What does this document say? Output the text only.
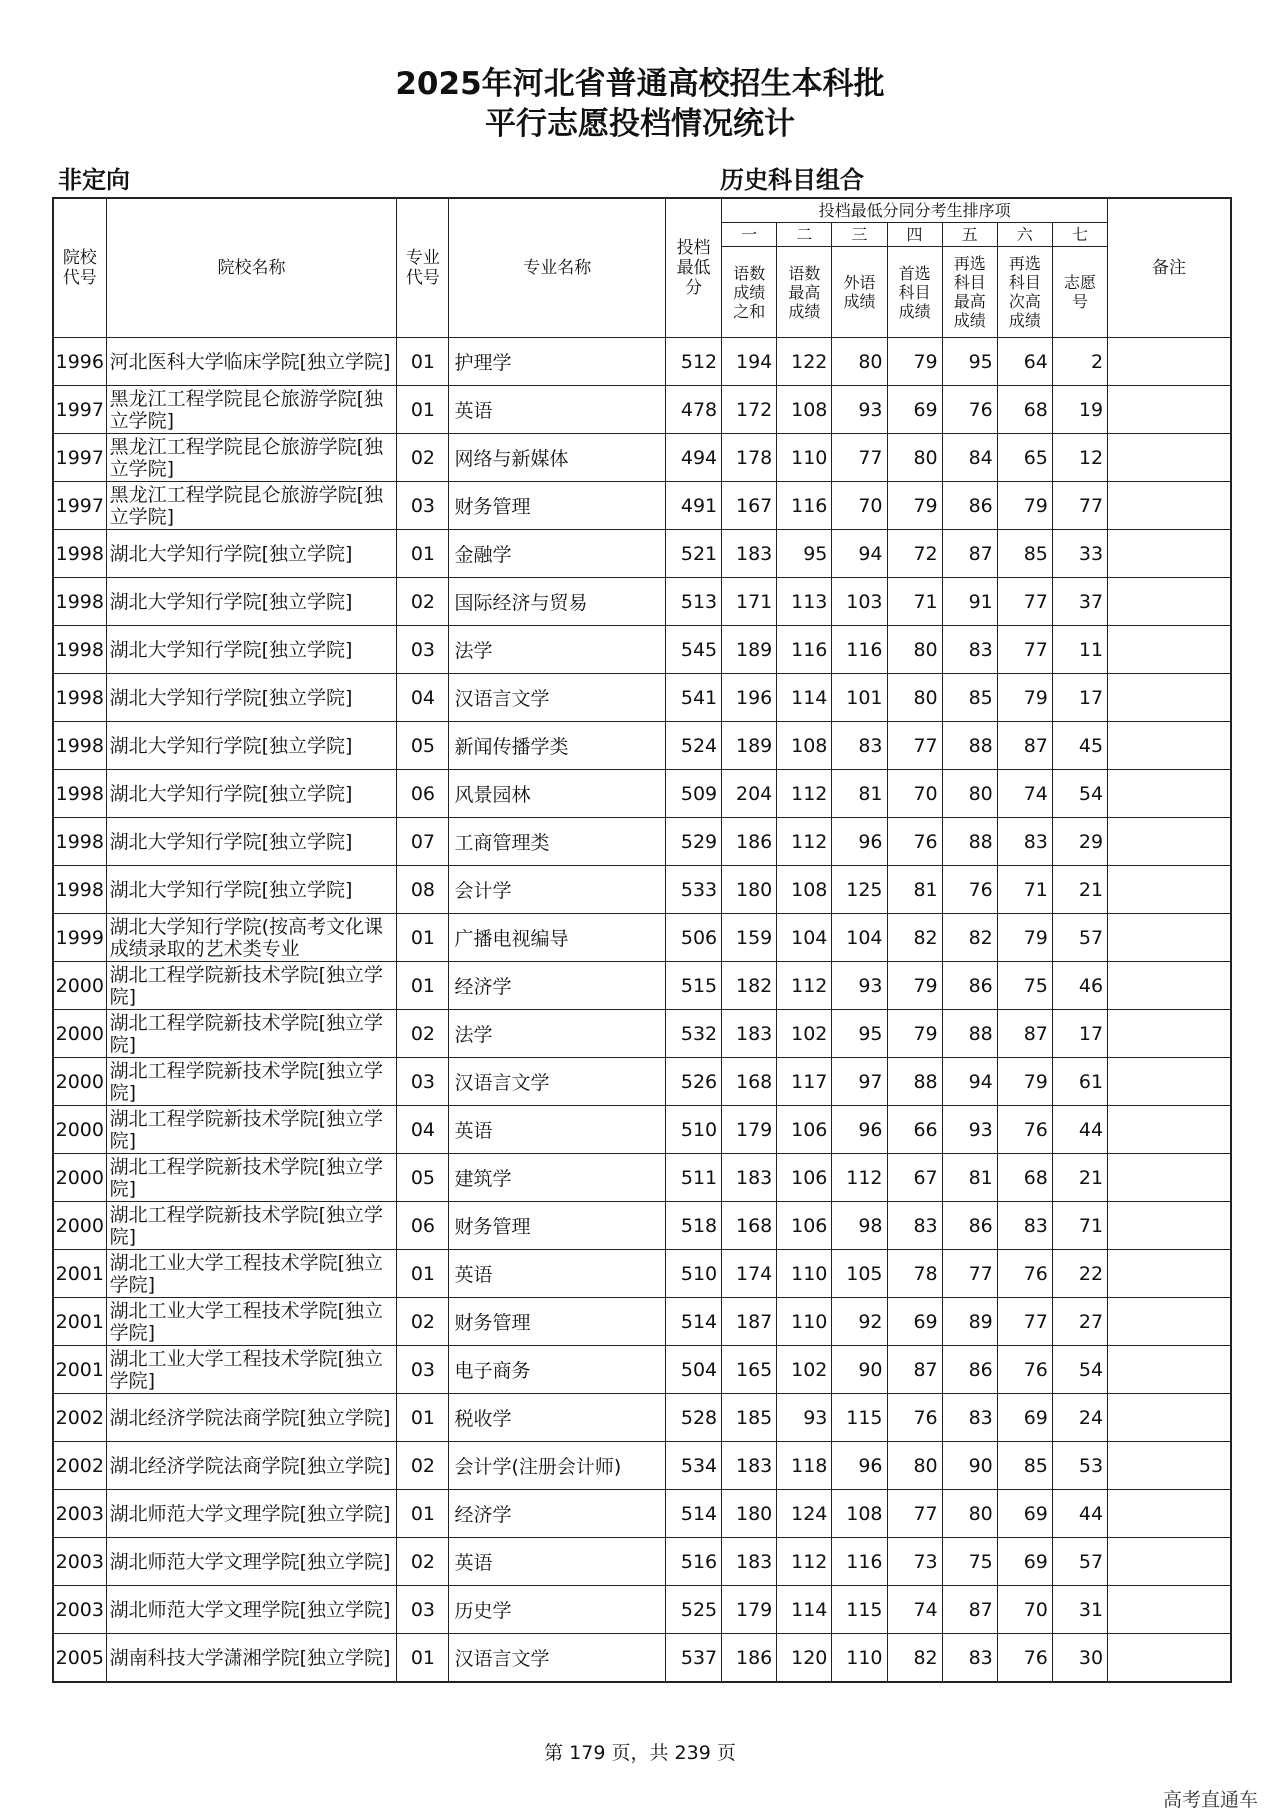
2025年河北省普通高校招生本科批
平行志愿投档情况统计
非定向	历史科目组合
院校代号	院校名称	专业代号	专业名称	投档最低分	投档最低分同分考生排序项							备注
					一	二	三	四	五	六	七	

					语数成绩之和	语数最高成绩	外语成绩	首选科目成绩	再选科目最高成绩	再选科目次高成绩	志愿号	

1996	河北医科大学临床学院[独立学院]	01	护理学	512	194	122	80	79	95	64	2	
1997	黑龙江工程学院昆仑旅游学院[独立学院]	01	英语	478	172	108	93	69	76	68	19	
1997	黑龙江工程学院昆仑旅游学院[独立学院]	02	网络与新媒体	494	178	110	77	80	84	65	12	
1997	黑龙江工程学院昆仑旅游学院[独立学院]	03	财务管理	491	167	116	70	79	86	79	77	
1998	湖北大学知行学院[独立学院]	01	金融学	521	183	95	94	72	87	85	33	
1998	湖北大学知行学院[独立学院]	02	国际经济与贸易	513	171	113	103	71	91	77	37	
1998	湖北大学知行学院[独立学院]	03	法学	545	189	116	116	80	83	77	11	
1998	湖北大学知行学院[独立学院]	04	汉语言文学	541	196	114	101	80	85	79	17	
1998	湖北大学知行学院[独立学院]	05	新闻传播学类	524	189	108	83	77	88	87	45	
1998	湖北大学知行学院[独立学院]	06	风景园林	509	204	112	81	70	80	74	54	
1998	湖北大学知行学院[独立学院]	07	工商管理类	529	186	112	96	76	88	83	29	
1998	湖北大学知行学院[独立学院]	08	会计学	533	180	108	125	81	76	71	21	
1999	湖北大学知行学院(按高考文化课成绩录取的艺术类专业	01	广播电视编导	506	159	104	104	82	82	79	57	
2000	湖北工程学院新技术学院[独立学院]	01	经济学	515	182	112	93	79	86	75	46	
2000	湖北工程学院新技术学院[独立学院]	02	法学	532	183	102	95	79	88	87	17	
2000	湖北工程学院新技术学院[独立学院]	03	汉语言文学	526	168	117	97	88	94	79	61	
2000	湖北工程学院新技术学院[独立学院]	04	英语	510	179	106	96	66	93	76	44	
2000	湖北工程学院新技术学院[独立学院]	05	建筑学	511	183	106	112	67	81	68	21	
2000	湖北工程学院新技术学院[独立学院]	06	财务管理	518	168	106	98	83	86	83	71	
2001	湖北工业大学工程技术学院[独立学院]	01	英语	510	174	110	105	78	77	76	22	
2001	湖北工业大学工程技术学院[独立学院]	02	财务管理	514	187	110	92	69	89	77	27	
2001	湖北工业大学工程技术学院[独立学院]	03	电子商务	504	165	102	90	87	86	76	54	
2002	湖北经济学院法商学院[独立学院]	01	税收学	528	185	93	115	76	83	69	24	
2002	湖北经济学院法商学院[独立学院]	02	会计学(注册会计师)	534	183	118	96	80	90	85	53	
2003	湖北师范大学文理学院[独立学院]	01	经济学	514	180	124	108	77	80	69	44	
2003	湖北师范大学文理学院[独立学院]	02	英语	516	183	112	116	73	75	69	57	
2003	湖北师范大学文理学院[独立学院]	03	历史学	525	179	114	115	74	87	70	31	
2005	湖南科技大学潇湘学院[独立学院]	01	汉语言文学	537	186	120	110	82	83	76	30	
第 179 页，共 239 页
高考直通车
